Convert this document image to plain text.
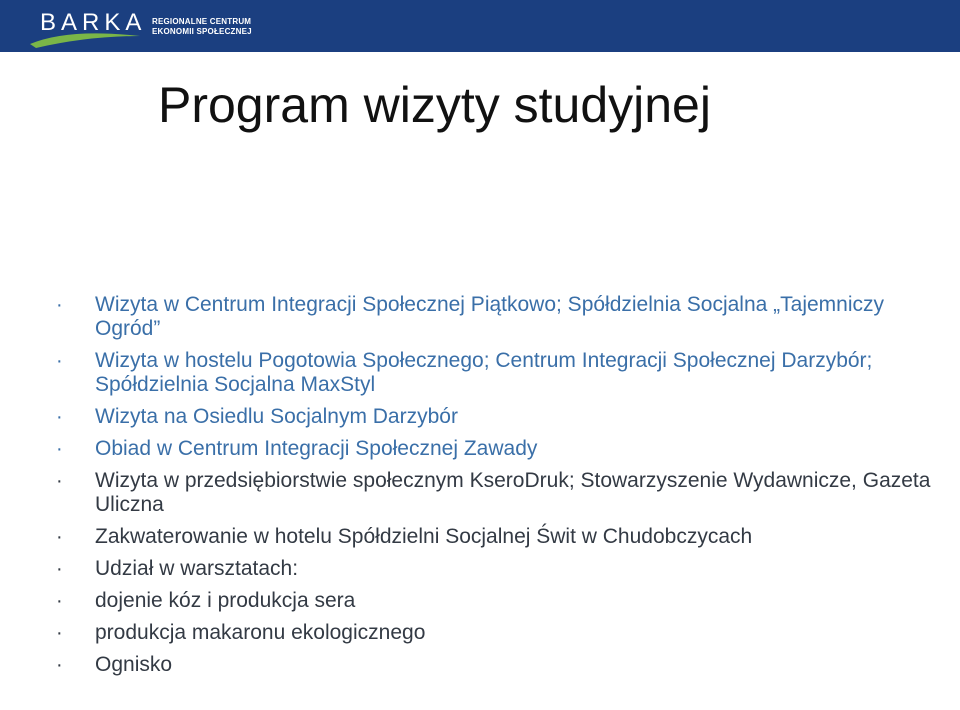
BARKA REGIONALNE CENTRUM
EKONOMII SPOŁECZNEJ
Program wizyty studyjnej
·	Wizyta w Centrum Integracji Społecznej Piątkowo; Spółdzielnia Socjalna „Tajemniczy Ogród”
·	Wizyta w hostelu Pogotowia Społecznego; Centrum Integracji Społecznej Darzybór; Spółdzielnia Socjalna MaxStyl
·	Wizyta na Osiedlu Socjalnym Darzybór
·	Obiad w Centrum Integracji Społecznej Zawady
·	Wizyta w przedsiębiorstwie społecznym KseroDruk; Stowarzyszenie Wydawnicze, Gazeta Uliczna
·	Zakwaterowanie w hotelu Spółdzielni Socjalnej Świt w Chudobczycach
·	Udział w warsztatach:
·	dojenie kóz i produkcja sera
·	produkcja makaronu ekologicznego
·	Ognisko
